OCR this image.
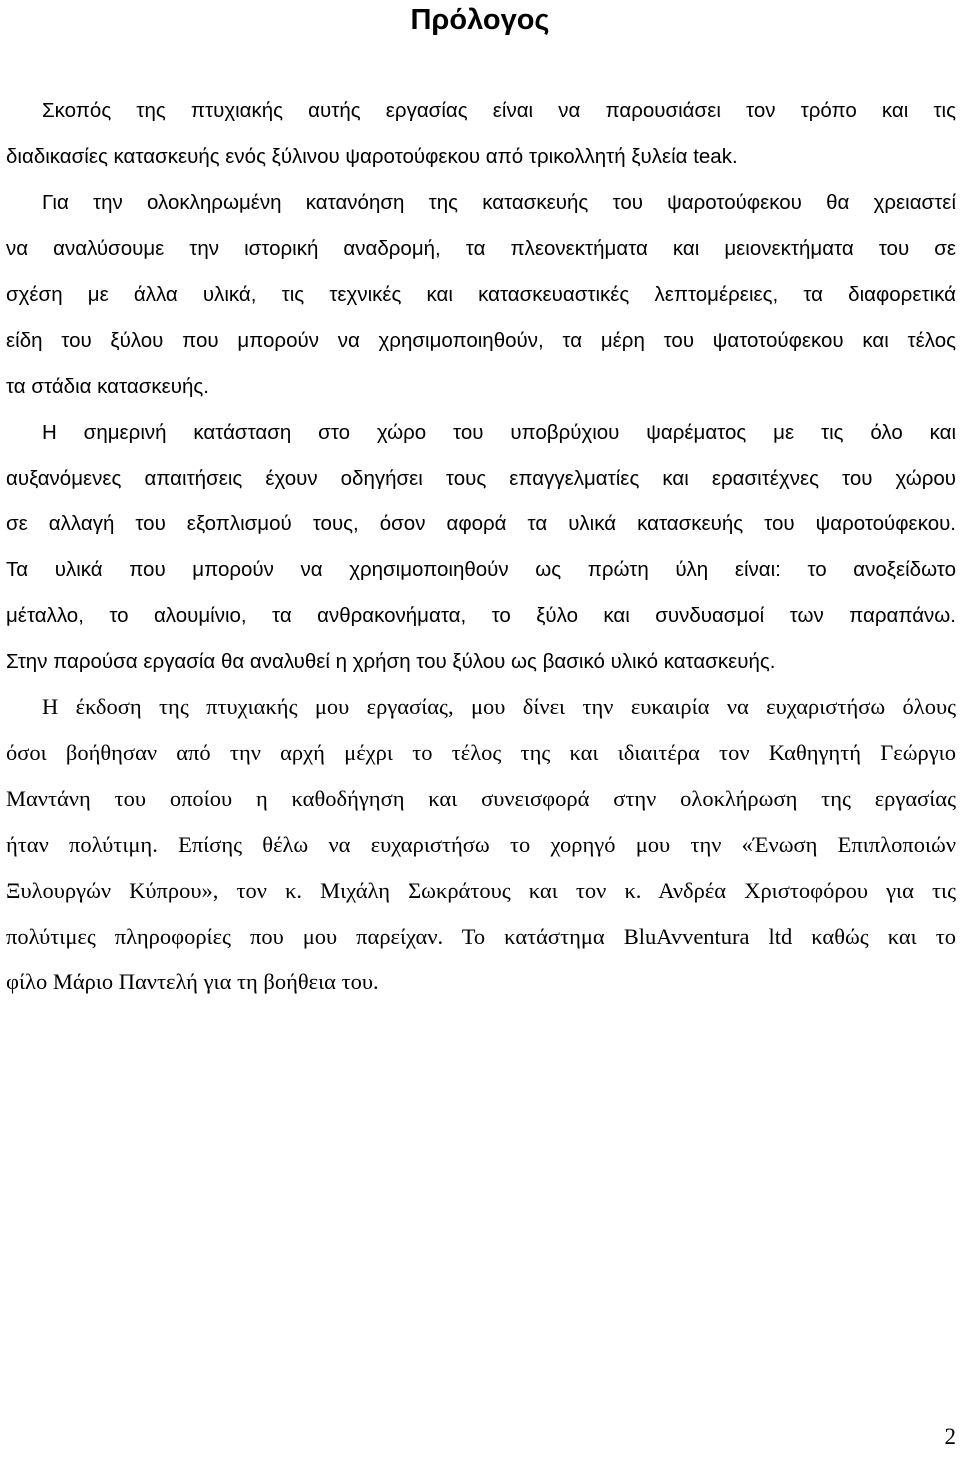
Πρόλογος
Σκοπός της πτυχιακής αυτής εργασίας είναι να παρουσιάσει τον τρόπο και τις
διαδικασίες κατασκευής ενός ξύλινου ψαροτούφεκου από τρικολλητή ξυλεία teak.
Για την ολοκληρωμένη κατανόηση της κατασκευής του ψαροτούφεκου θα χρειαστεί
να αναλύσουμε την ιστορική αναδρομή, τα πλεονεκτήματα και μειονεκτήματα του σε
σχέση με άλλα υλικά, τις τεχνικές και κατασκευαστικές λεπτομέρειες, τα διαφορετικά
είδη του ξύλου που μπορούν να χρησιμοποιηθούν, τα μέρη του ψατοτούφεκου και τέλος
τα στάδια κατασκευής.
Η σημερινή κατάσταση στο χώρο του υποβρύχιου ψαρέματος με τις όλο και
αυξανόμενες απαιτήσεις έχουν οδηγήσει τους επαγγελματίες και ερασιτέχνες του χώρου
σε αλλαγή του εξοπλισμού τους, όσον αφορά τα υλικά κατασκευής του ψαροτούφεκου.
Τα υλικά που μπορούν να χρησιμοποιηθούν ως πρώτη ύλη είναι: το ανοξείδωτο
μέταλλο, το αλουμίνιο, τα ανθρακονήματα, το ξύλο και συνδυασμοί των παραπάνω.
Στην παρούσα εργασία θα αναλυθεί η χρήση του ξύλου ως βασικό υλικό κατασκευής.
Η έκδοση της πτυχιακής μου εργασίας, μου δίνει την ευκαιρία να ευχαριστήσω όλους
όσοι βοήθησαν από την αρχή μέχρι το τέλος της και ιδιαιτέρα τον Καθηγητή Γεώργιο
Μαντάνη του οποίου η καθοδήγηση και συνεισφορά στην ολοκλήρωση της εργασίας
ήταν πολύτιμη. Επίσης θέλω να ευχαριστήσω το χορηγό μου την «Ένωση Επιπλοποιών
Ξυλουργών Κύπρου», τον κ. Μιχάλη Σωκράτους και τον κ. Ανδρέα Χριστοφόρου για τις
πολύτιμες πληροφορίες που μου παρείχαν. Το κατάστημα BluAvventura ltd καθώς και το
φίλο Μάριο Παντελή για τη βοήθεια του.
2
